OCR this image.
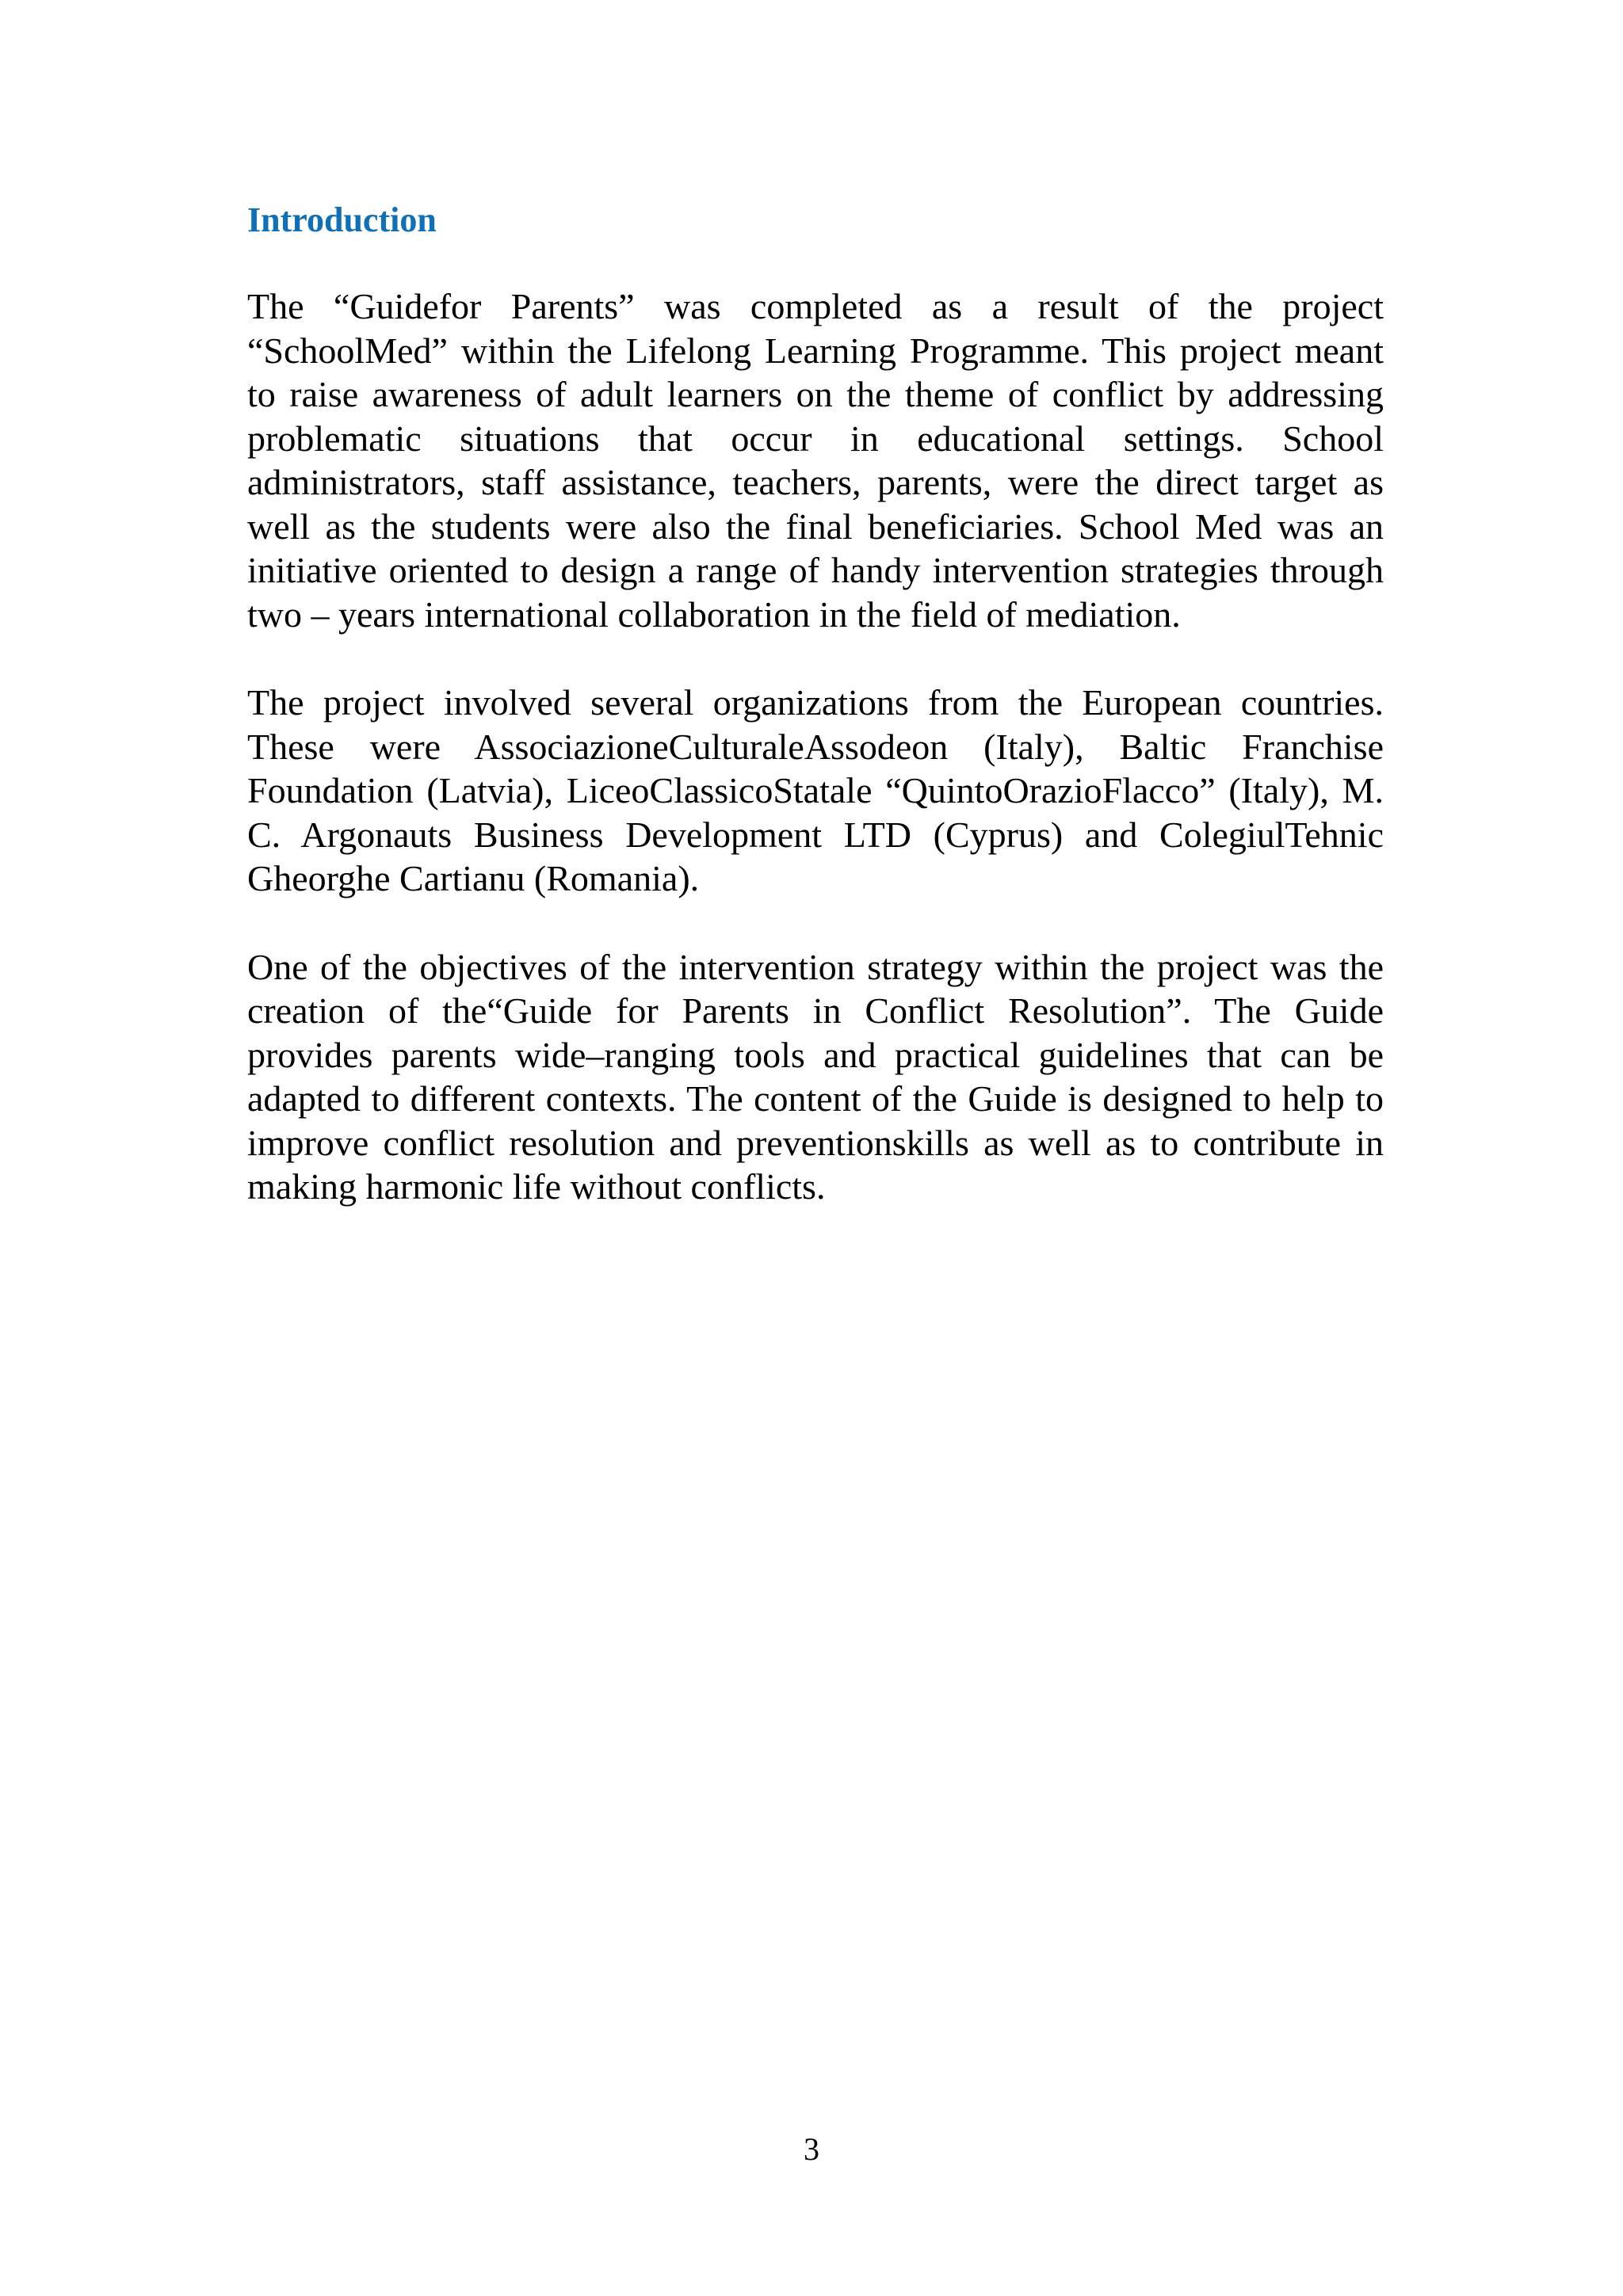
Introduction

The “Guidefor Parents” was completed as a result of the project “SchoolMed” within the Lifelong Learning Programme. This project meant to raise awareness of adult learners on the theme of conflict by addressing problematic situations that occur in educational settings. School administrators, staff assistance, teachers, parents, were the direct target as well as the students were also the final beneficiaries. School Med was an initiative oriented to design a range of handy intervention strategies through two – years international collaboration in the field of mediation.

The project involved several organizations from the European countries. These were AssociazioneCulturaleAssodeon (Italy), Baltic Franchise Foundation (Latvia), LiceoClassicoStatale “QuintoOrazioFlacco” (Italy), M. C. Argonauts Business Development LTD (Cyprus) and ColegiulTehnic Gheorghe Cartianu (Romania).

One of the objectives of the intervention strategy within the project was the creation of the“Guide for Parents in Conflict Resolution”. The Guide provides parents wide–ranging tools and practical guidelines that can be adapted to different contexts. The content of the Guide is designed to help to improve conflict resolution and preventionskills as well as to contribute in making harmonic life without conflicts.

3
